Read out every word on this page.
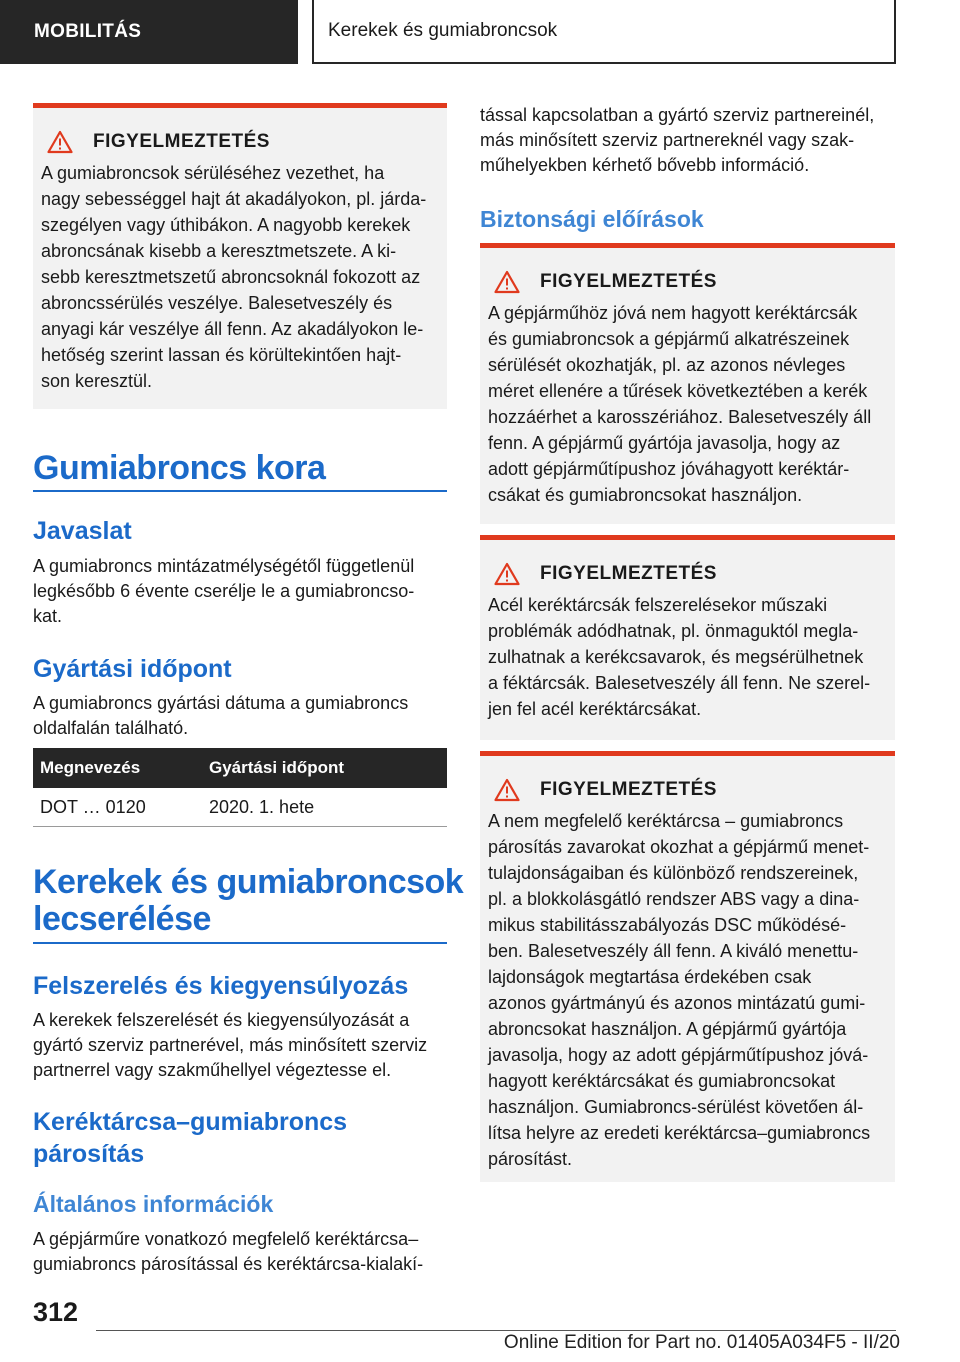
MOBILITÁS	Kerekek és gumiabroncsok
FIGYELMEZTETÉS
A gumiabroncsok sérüléséhez vezethet, ha
nagy sebességgel hajt át akadályokon, pl. járda-
szegélyen vagy úthibákon. A nagyobb kerekek
abroncsának kisebb a keresztmetszete. A ki-
sebb keresztmetszetű abroncsoknál fokozott az
abroncssérülés veszélye. Balesetveszély és
anyagi kár veszélye áll fenn. Az akadályokon le-
hetőség szerint lassan és körültekintően hajt-
son keresztül.
Gumiabroncs kora
Javaslat
A gumiabroncs mintázatmélységétől függetlenül
legkésőbb 6 évente cserélje le a gumiabroncso-
kat.
Gyártási időpont
A gumiabroncs gyártási dátuma a gumiabroncs
oldalfalán található.
Megnevezés	Gyártási időpont
DOT … 0120	2020. 1. hete
Kerekek és gumiabroncsok
lecserélése
Felszerelés és kiegyensúlyozás
A kerekek felszerelését és kiegyensúlyozását a
gyártó szerviz partnerével, más minősített szerviz
partnerrel vagy szakműhellyel végeztesse el.
Keréktárcsa–gumiabroncs
párosítás
Általános információk
A gépjárműre vonatkozó megfelelő keréktárcsa–
gumiabroncs párosítással és keréktárcsa-kialakí-
tással kapcsolatban a gyártó szerviz partnereinél,
más minősített szerviz partnereknél vagy szak-
műhelyekben kérhető bővebb információ.
Biztonsági előírások
FIGYELMEZTETÉS
A gépjárműhöz jóvá nem hagyott keréktárcsák
és gumiabroncsok a gépjármű alkatrészeinek
sérülését okozhatják, pl. az azonos névleges
méret ellenére a tűrések következtében a kerék
hozzáérhet a karosszériához. Balesetveszély áll
fenn. A gépjármű gyártója javasolja, hogy az
adott gépjárműtípushoz jóváhagyott keréktár-
csákat és gumiabroncsokat használjon.
FIGYELMEZTETÉS
Acél keréktárcsák felszerelésekor műszaki
problémák adódhatnak, pl. önmaguktól megla-
zulhatnak a kerékcsavarok, és megsérülhetnek
a féktárcsák. Balesetveszély áll fenn. Ne szerel-
jen fel acél keréktárcsákat.
FIGYELMEZTETÉS
A nem megfelelő keréktárcsa – gumiabroncs
párosítás zavarokat okozhat a gépjármű menet-
tulajdonságaiban és különböző rendszereinek,
pl. a blokkolásgátló rendszer ABS vagy a dina-
mikus stabilitásszabályozás DSC működésé-
ben. Balesetveszély áll fenn. A kiváló menettu-
lajdonságok megtartása érdekében csak
azonos gyártmányú és azonos mintázatú gumi-
abroncsokat használjon. A gépjármű gyártója
javasolja, hogy az adott gépjárműtípushoz jóvá-
hagyott keréktárcsákat és gumiabroncsokat
használjon. Gumiabroncs-sérülést követően ál-
lítsa helyre az eredeti keréktárcsa–gumiabroncs
párosítást.
312
Online Edition for Part no. 01405A034F5 - II/20
